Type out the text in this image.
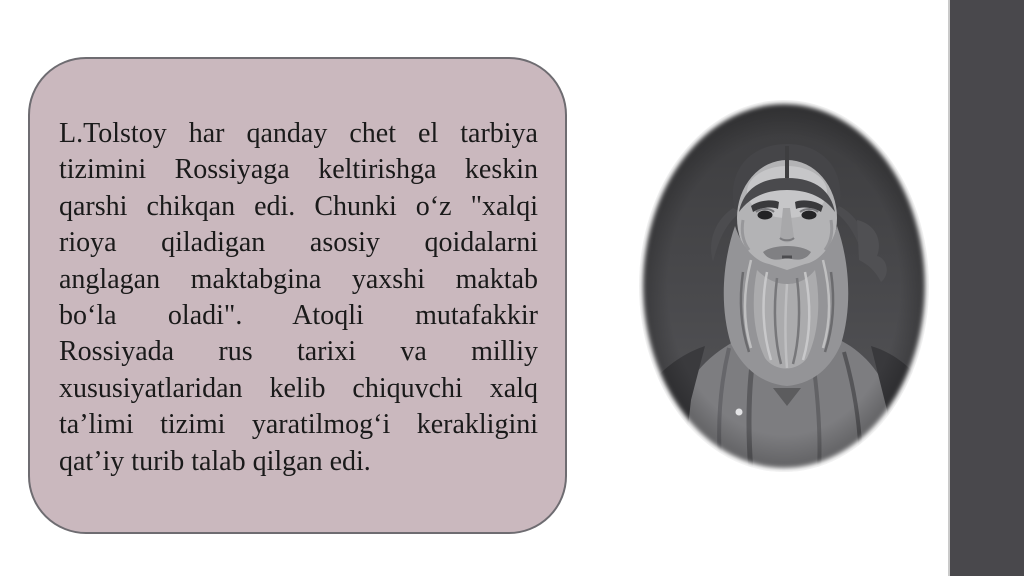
L.Tolstoy har qanday chet el tarbiya
tizimini Rossiyaga keltirishga keskin
qarshi chikqan edi. Chunki o‘z "xalqi
rioya qiladigan asosiy qoidalarni
anglagan maktabgina yaxshi maktab
bo‘la oladi". Atoqli mutafakkir
Rossiyada rus tarixi va milliy
xususiyatlaridan kelib chiquvchi xalq
ta’limi tizimi yaratilmog‘i kerakligini
qat’iy turib talab qilgan edi.
